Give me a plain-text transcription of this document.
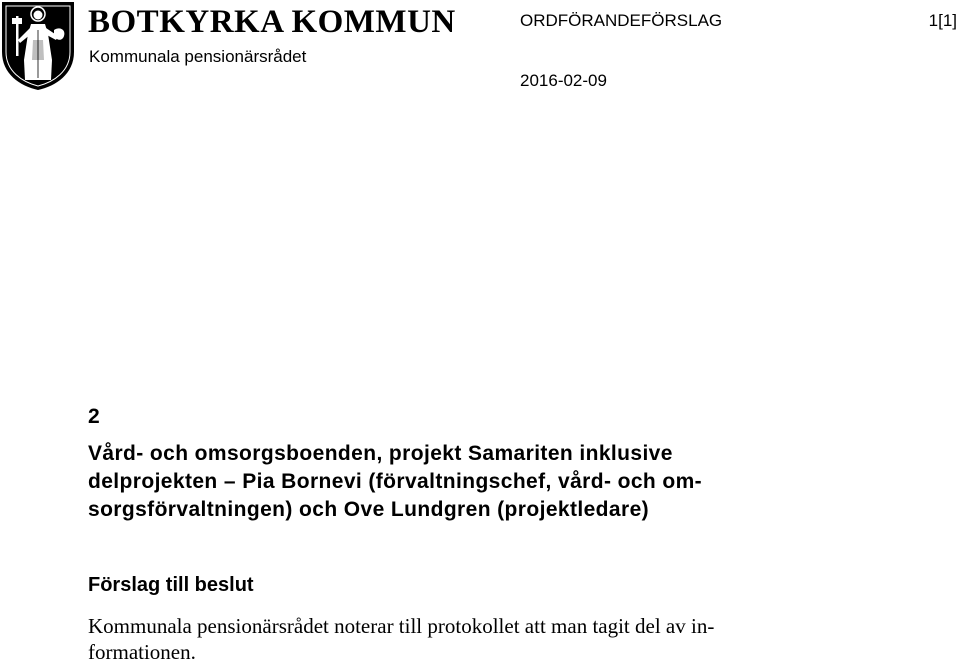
BOTKYRKA KOMMUN
Kommunala pensionärsrådet
ORDFÖRANDEFÖRSLAG	1[1]
2016-02-09
2
Vård- och omsorgsboenden, projekt Samariten inklusive
delprojekten – Pia Bornevi (förvaltningschef, vård- och om-
sorgsförvaltningen) och Ove Lundgren (projektledare)
Förslag till beslut
Kommunala pensionärsrådet noterar till protokollet att man tagit del av in-
formationen.
